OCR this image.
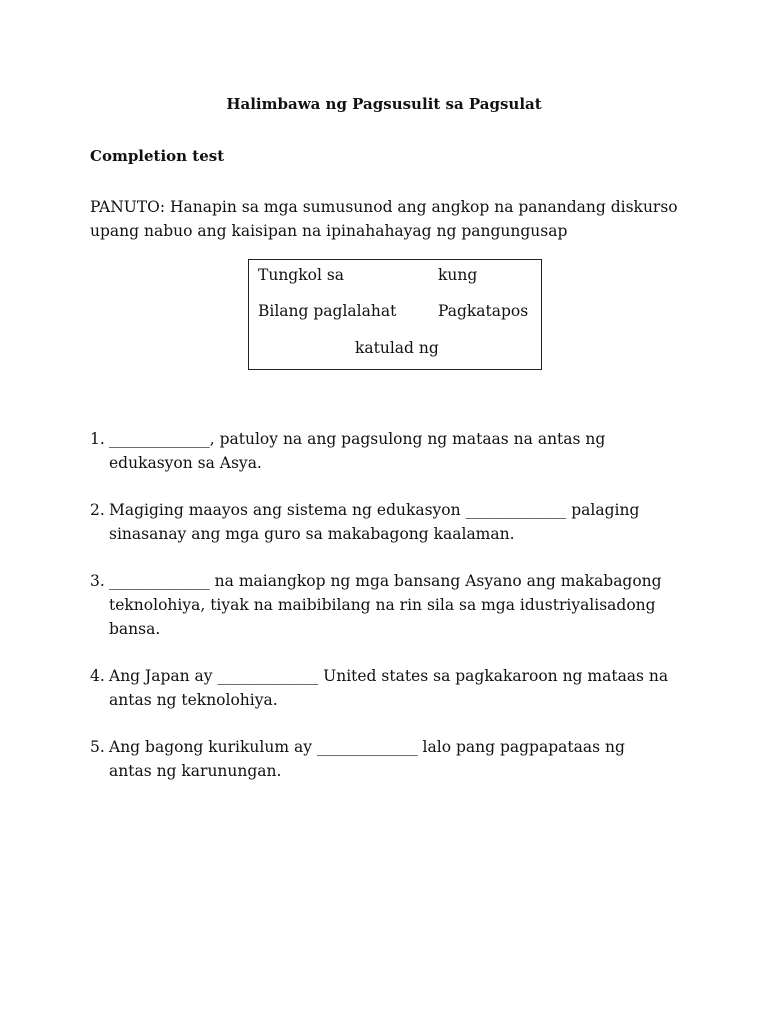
Halimbawa ng Pagsusulit sa Pagsulat
Completion test
PANUTO: Hanapin sa mga sumusunod ang angkop na panandang diskurso upang nabuo ang kaisipan na ipinahahayag ng pangungusap
Tungkol sa	kung
Bilang paglalahat	Pagkatapos
katulad ng
1. _____________, patuloy na ang pagsulong ng mataas na antas ng edukasyon sa Asya.
2. Magiging maayos ang sistema ng edukasyon _____________ palaging sinasanay ang mga guro sa makabagong kaalaman.
3. _____________ na maiangkop ng mga bansang Asyano ang makabagong teknolohiya, tiyak na maibibilang na rin sila sa mga idustriyalisadong bansa.
4. Ang Japan ay _____________ United states sa pagkakaroon ng mataas na antas ng teknolohiya.
5. Ang bagong kurikulum ay _____________ lalo pang pagpapataas ng antas ng karunungan.
